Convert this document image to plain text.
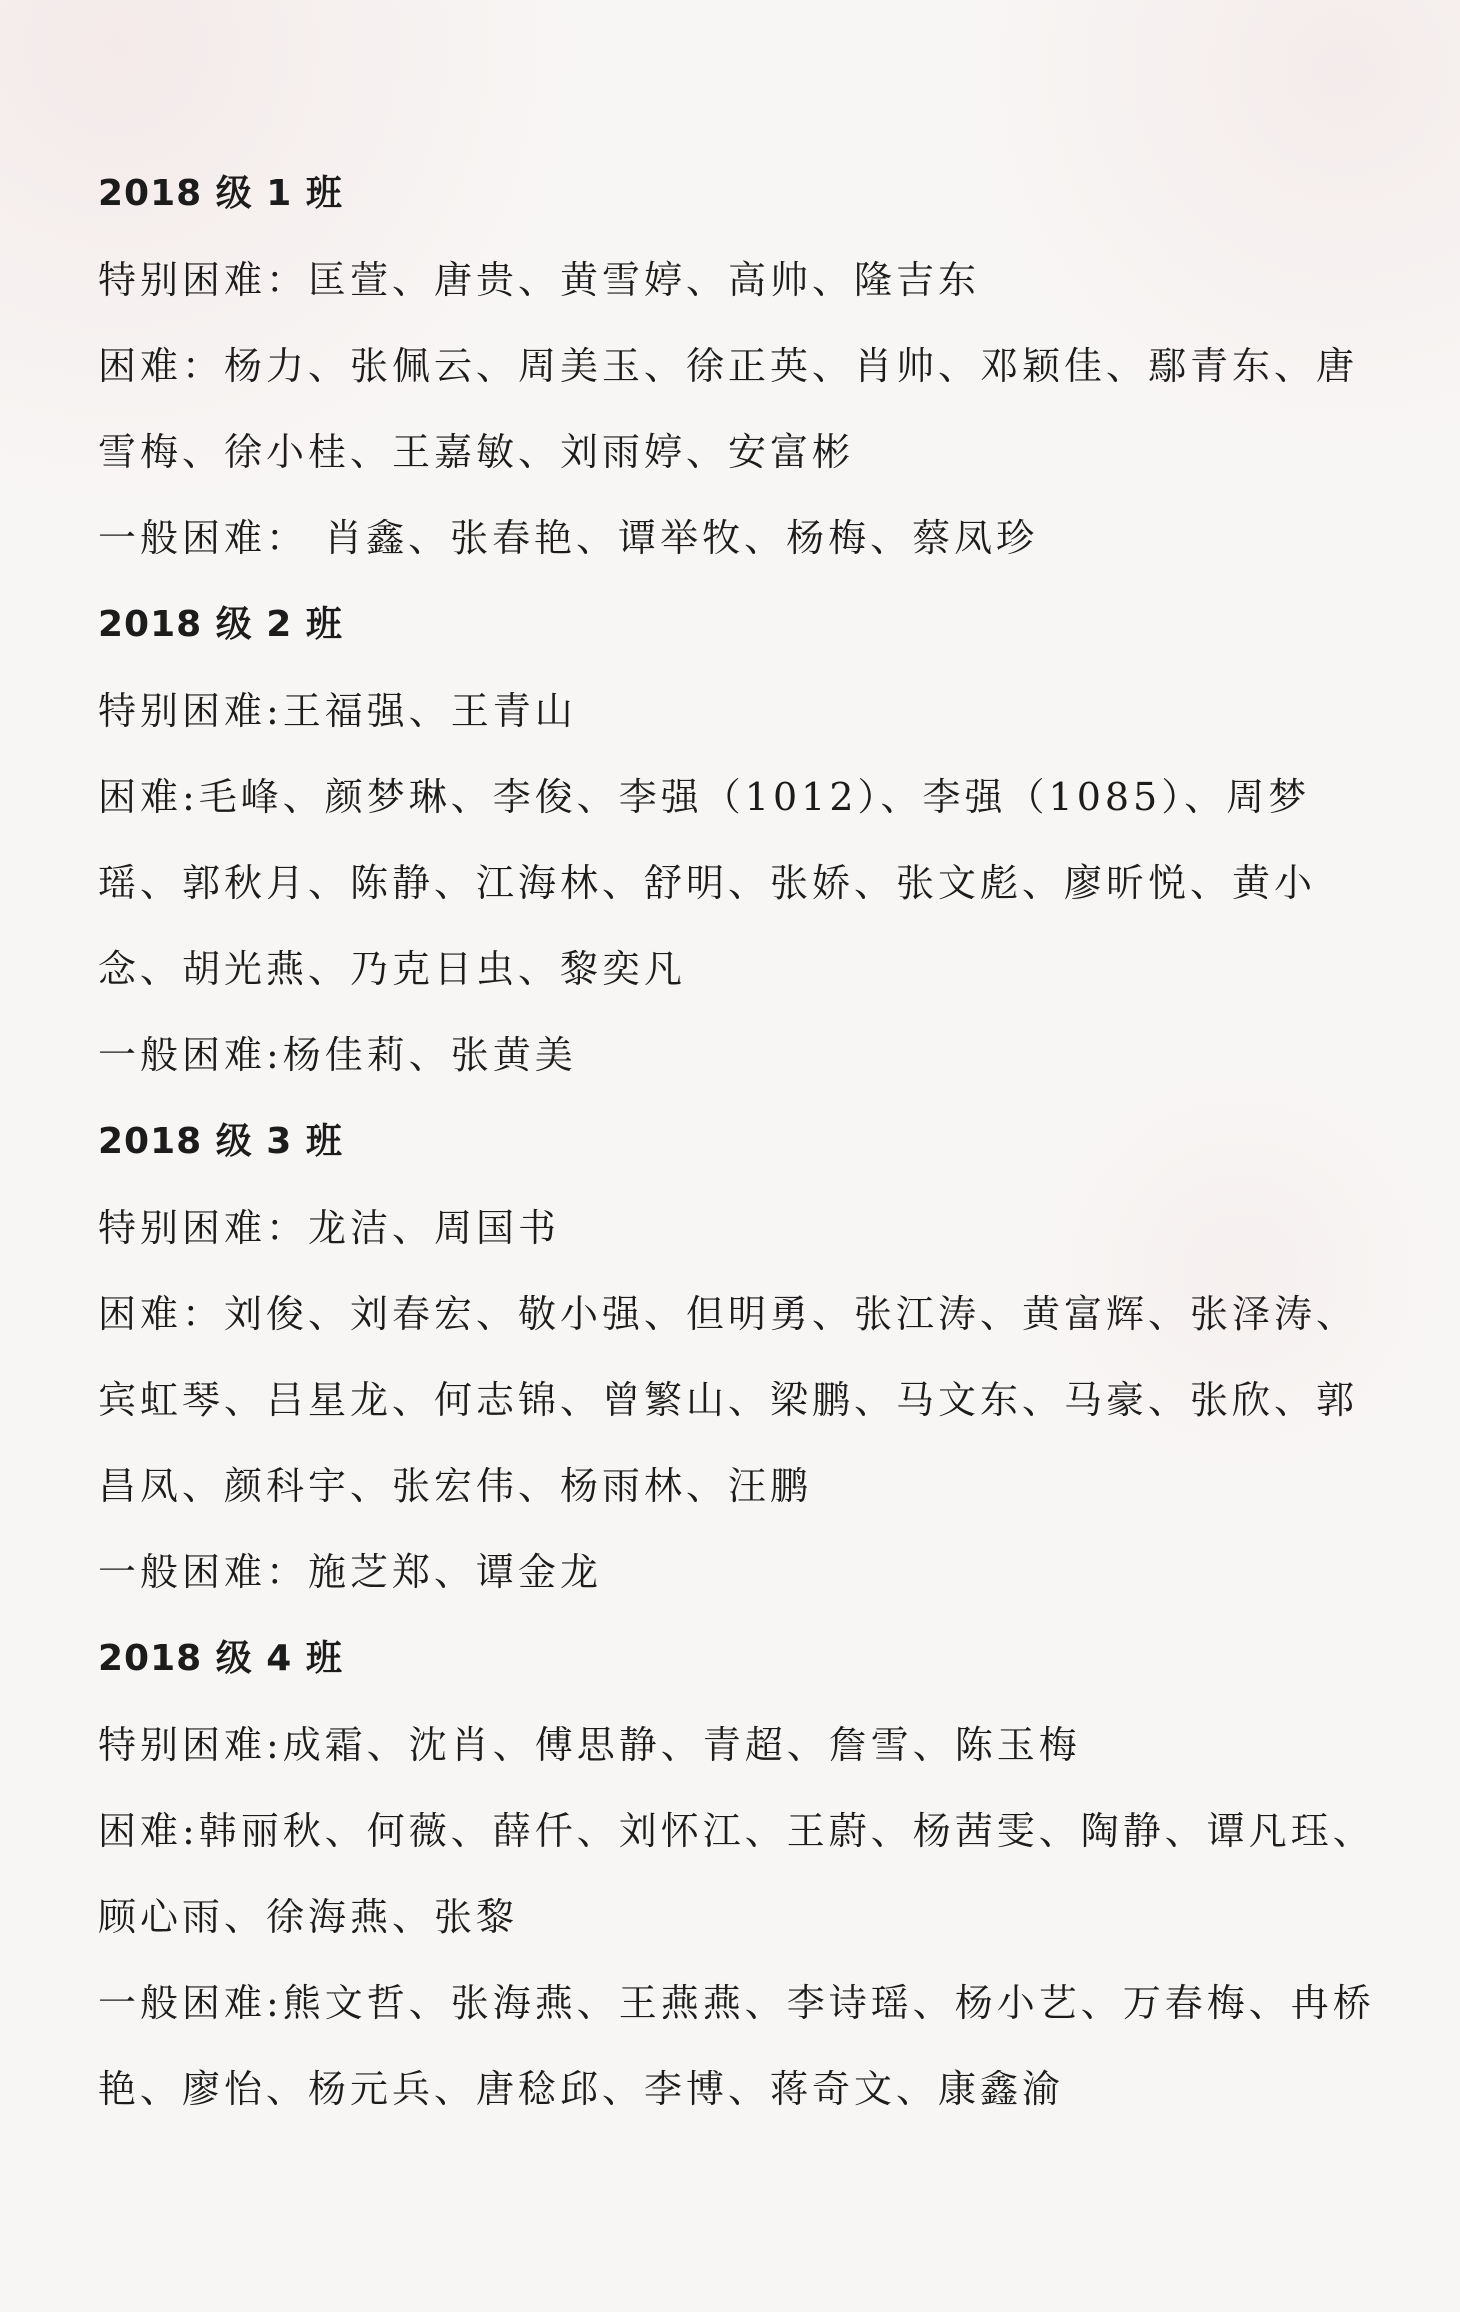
2018 级 1 班
特别困难：匡萱、唐贵、黄雪婷、高帅、隆吉东
困难：杨力、张佩云、周美玉、徐正英、肖帅、邓颖佳、鄢青东、唐雪梅、徐小桂、王嘉敏、刘雨婷、安富彬
一般困难： 肖鑫、张春艳、谭举牧、杨梅、蔡凤珍
2018 级 2 班
特别困难:王福强、王青山
困难:毛峰、颜梦琳、李俊、李强（1012）、李强（1085）、周梦瑶、郭秋月、陈静、江海林、舒明、张娇、张文彪、廖昕悦、黄小念、胡光燕、乃克日虫、黎奕凡
一般困难:杨佳莉、张黄美
2018 级 3 班
特别困难：龙洁、周国书
困难：刘俊、刘春宏、敬小强、但明勇、张江涛、黄富辉、张泽涛、宾虹琴、吕星龙、何志锦、曾繁山、梁鹏、马文东、马豪、张欣、郭昌凤、颜科宇、张宏伟、杨雨林、汪鹏
一般困难：施芝郑、谭金龙
2018 级 4 班
特别困难:成霜、沈肖、傅思静、青超、詹雪、陈玉梅
困难:韩丽秋、何薇、薛仟、刘怀江、王蔚、杨茜雯、陶静、谭凡珏、顾心雨、徐海燕、张黎
一般困难:熊文哲、张海燕、王燕燕、李诗瑶、杨小艺、万春梅、冉桥艳、廖怡、杨元兵、唐稔邱、李博、蒋奇文、康鑫渝
